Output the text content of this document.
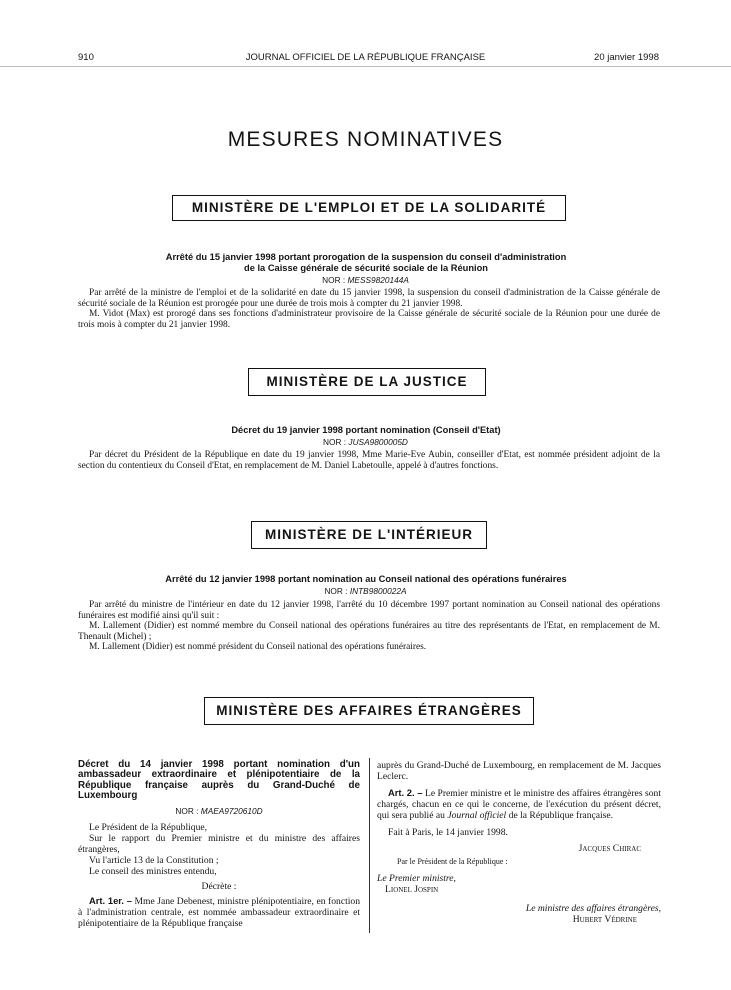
910	JOURNAL OFFICIEL DE LA RÉPUBLIQUE FRANÇAISE	20 janvier 1998
MESURES NOMINATIVES
MINISTÈRE DE L'EMPLOI ET DE LA SOLIDARITÉ
Arrêté du 15 janvier 1998 portant prorogation de la suspension du conseil d'administration
de la Caisse générale de sécurité sociale de la Réunion
NOR : MESS9820144A

Par arrêté de la ministre de l'emploi et de la solidarité en date du 15 janvier 1998, la suspension du conseil d'administration de la Caisse générale de sécurité sociale de la Réunion est prorogée pour une durée de trois mois à compter du 21 janvier 1998.

M. Vidot (Max) est prorogé dans ses fonctions d'administrateur provisoire de la Caisse générale de sécurité sociale de la Réunion pour une durée de trois mois à compter du 21 janvier 1998.

MINISTÈRE DE LA JUSTICE
Décret du 19 janvier 1998 portant nomination (Conseil d'Etat)
NOR : JUSA9800005D

Par décret du Président de la République en date du 19 janvier 1998, Mme Marie-Eve Aubin, conseiller d'Etat, est nommée président adjoint de la section du contentieux du Conseil d'Etat, en remplacement de M. Daniel Labetoulle, appelé à d'autres fonctions.

MINISTÈRE DE L'INTÉRIEUR
Arrêté du 12 janvier 1998 portant nomination au Conseil national des opérations funéraires
NOR : INTB9800022A

Par arrêté du ministre de l'intérieur en date du 12 janvier 1998, l'arrêté du 10 décembre 1997 portant nomination au Conseil national des opérations funéraires est modifié ainsi qu'il suit :

M. Lallement (Didier) est nommé membre du Conseil national des opérations funéraires au titre des représentants de l'Etat, en remplacement de M. Thenault (Michel) ;

M. Lallement (Didier) est nommé président du Conseil national des opérations funéraires.

MINISTÈRE DES AFFAIRES ÉTRANGÈRES
Décret du 14 janvier 1998 portant nomination d'un ambassadeur extraordinaire et plénipotentiaire de la République française auprès du Grand-Duché de Luxembourg
NOR : MAEA9720610D

Le Président de la République,

Sur le rapport du Premier ministre et du ministre des affaires étrangères,

Vu l'article 13 de la Constitution ;

Le conseil des ministres entendu,

Décrète :

Art. 1er. – Mme Jane Debenest, ministre plénipotentiaire, en fonction à l'administration centrale, est nommée ambassadeur extraordinaire et plénipotentiaire de la République française

auprès du Grand-Duché de Luxembourg, en remplacement de M. Jacques Leclerc.

Art. 2. – Le Premier ministre et le ministre des affaires étrangères sont chargés, chacun en ce qui le concerne, de l'exécution du présent décret, qui sera publié au Journal officiel de la République française.

Fait à Paris, le 14 janvier 1998.

Jacques Chirac
Par le Président de la République :
Le Premier ministre,
Lionel Jospin
Le ministre des affaires étrangères,
Hubert Védrine
